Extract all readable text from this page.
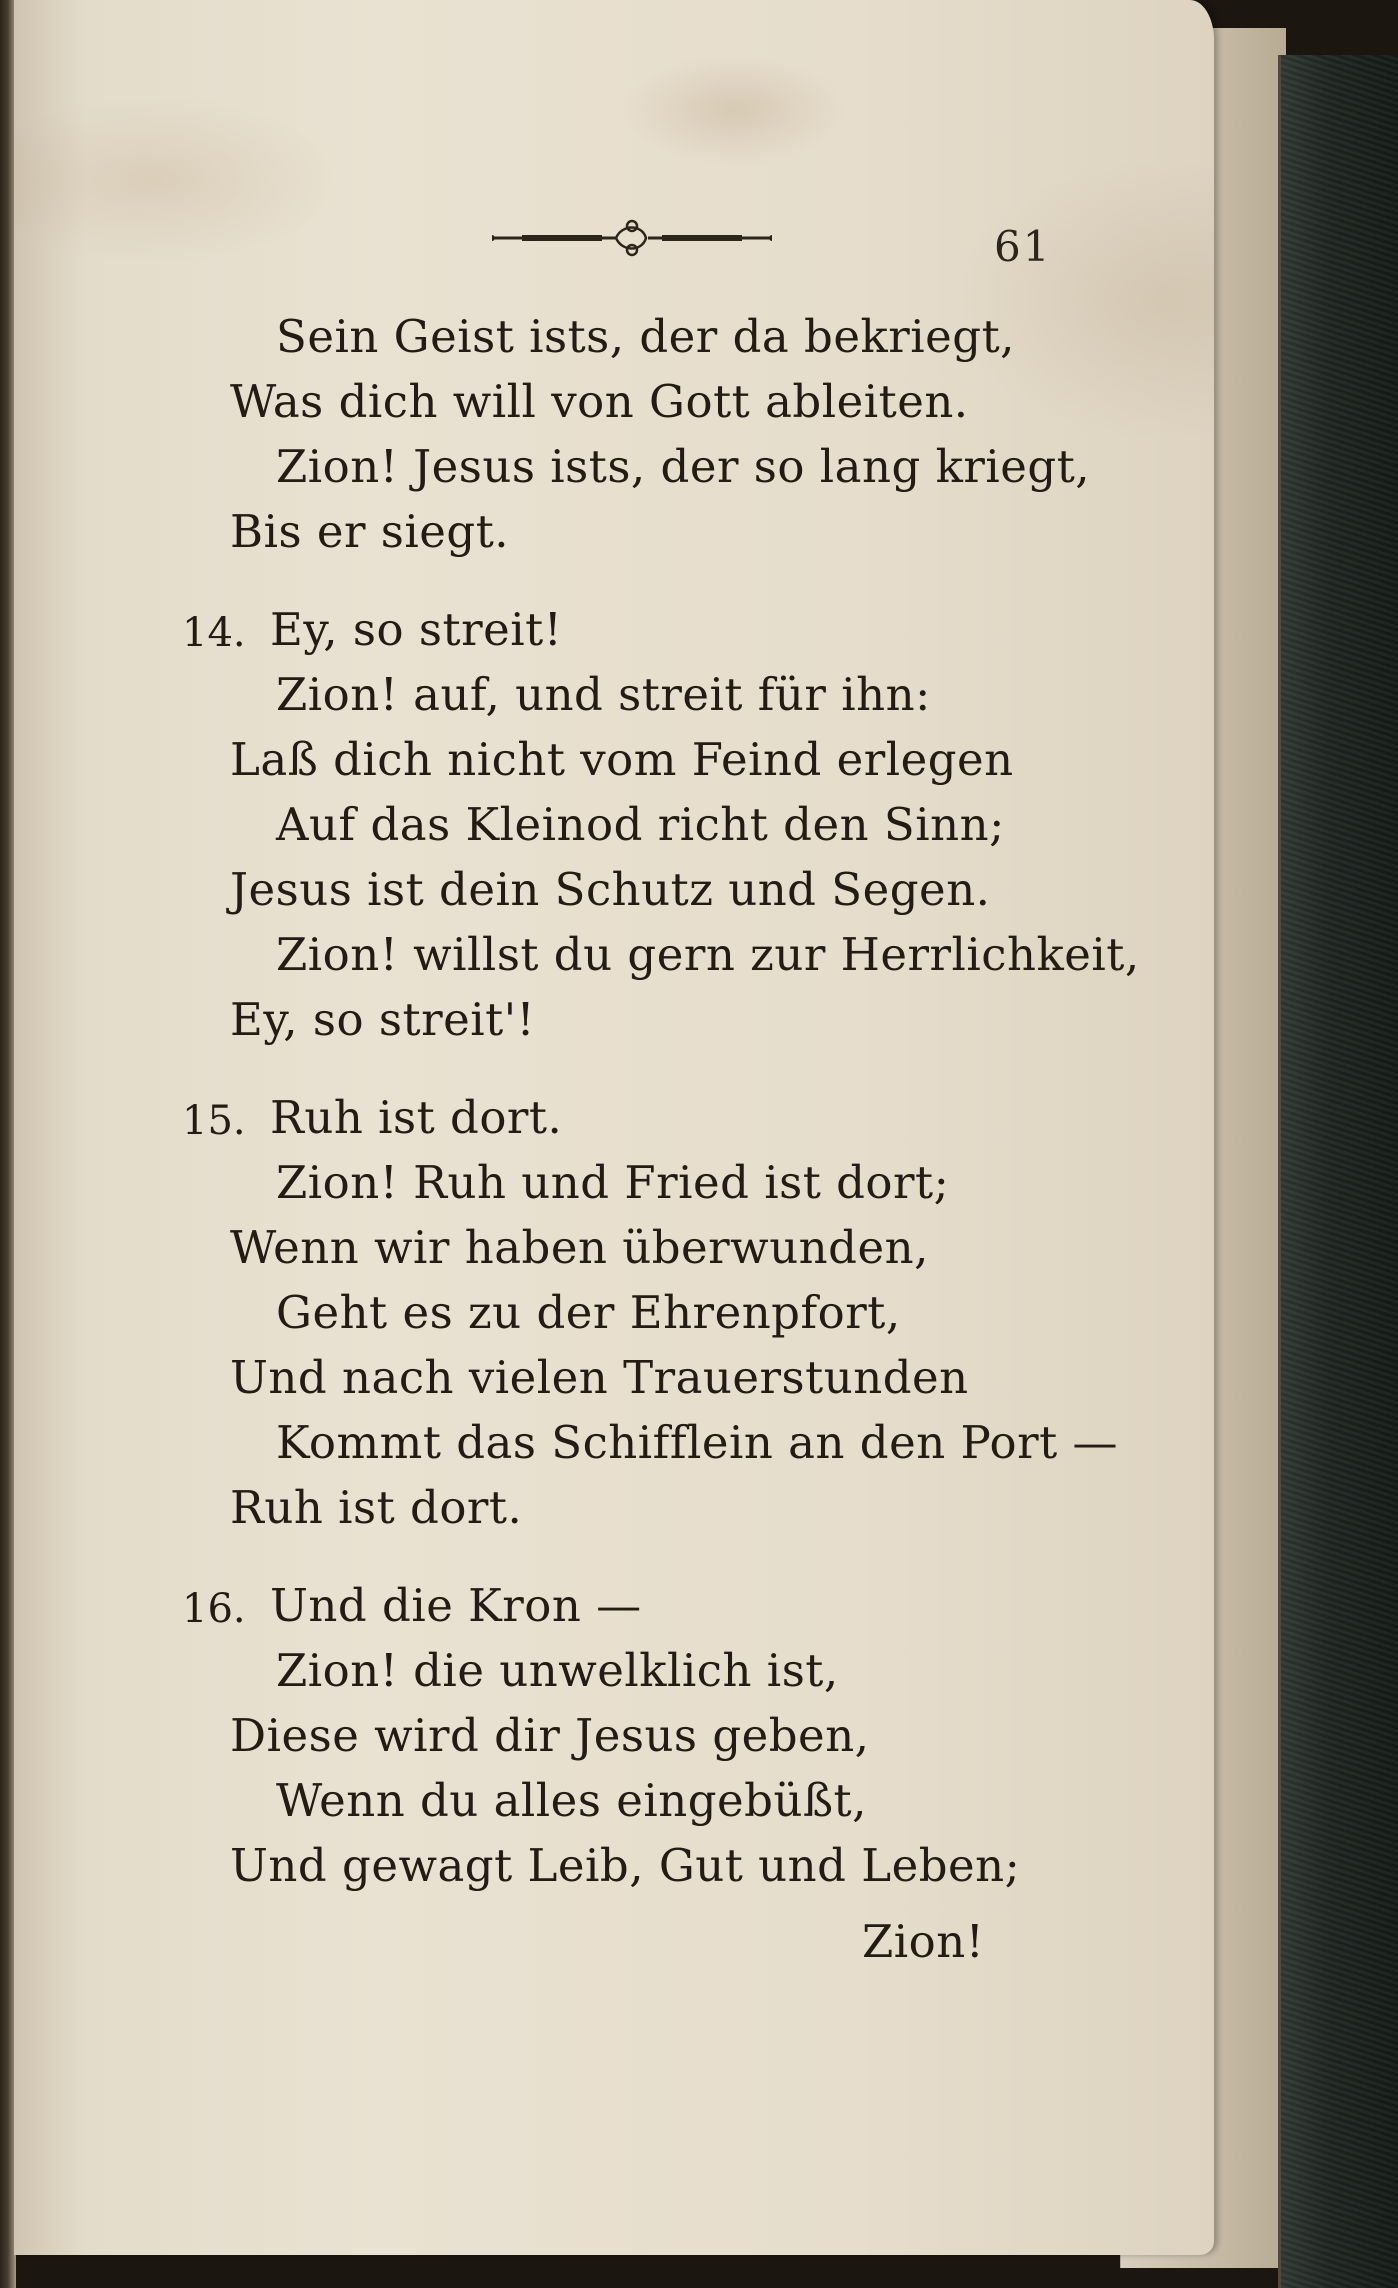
61
Sein Geist ists, der da bekriegt,
Was dich will von Gott ableiten.
Zion! Jesus ists, der so lang kriegt,
Bis er siegt.
14. Ey, so streit!
Zion! auf, und streit für ihn:
Laß dich nicht vom Feind erlegen
Auf das Kleinod richt den Sinn;
Jesus ist dein Schutz und Segen.
Zion! willst du gern zur Herrlichkeit,
Ey, so streit'!
15. Ruh ist dort.
Zion! Ruh und Fried ist dort;
Wenn wir haben überwunden,
Geht es zu der Ehrenpfort,
Und nach vielen Trauerstunden
Kommt das Schifflein an den Port —
Ruh ist dort.
16. Und die Kron —
Zion! die unwelklich ist,
Diese wird dir Jesus geben,
Wenn du alles eingebüßt,
Und gewagt Leib, Gut und Leben;
Zion!
